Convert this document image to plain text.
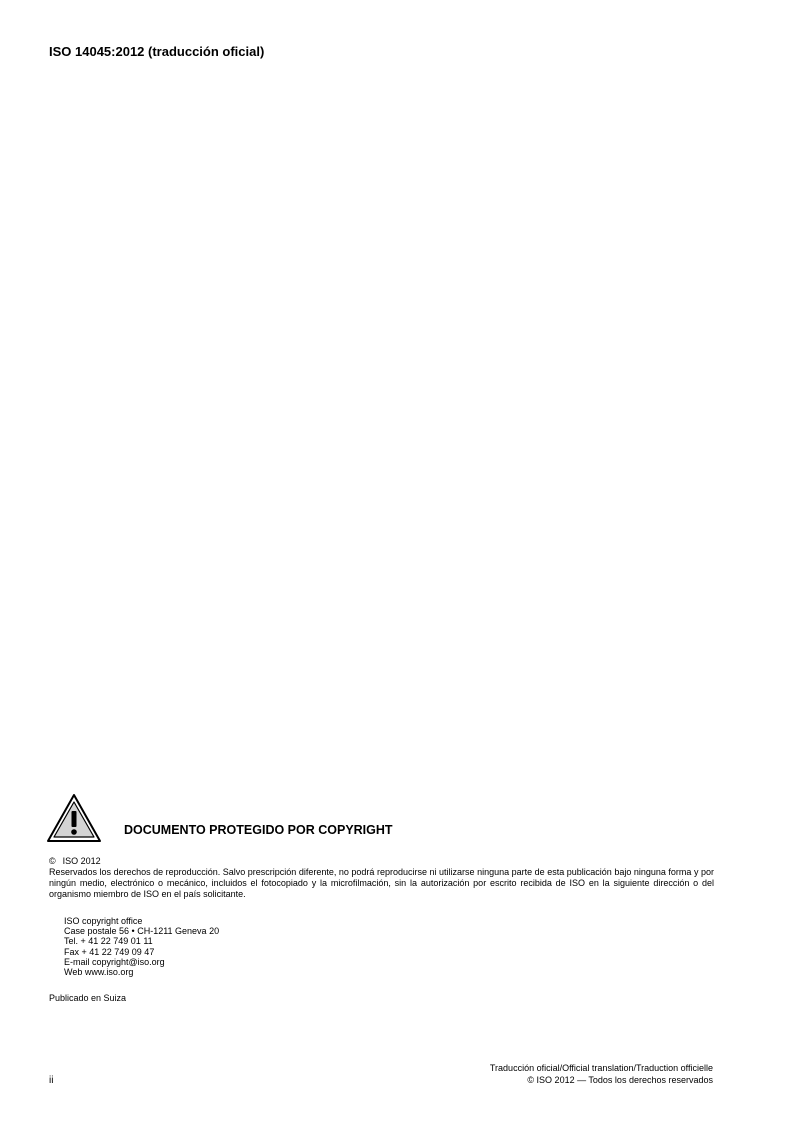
ISO 14045:2012 (traducción oficial)
DOCUMENTO PROTEGIDO POR COPYRIGHT
© ISO 2012
Reservados los derechos de reproducción. Salvo prescripción diferente, no podrá reproducirse ni utilizarse ninguna parte de esta publicación bajo ninguna forma y por ningún medio, electrónico o mecánico, incluidos el fotocopiado y la microfilmación, sin la autorización por escrito recibida de ISO en la siguiente dirección o del organismo miembro de ISO en el país solicitante.
ISO copyright office
Case postale 56 • CH-1211 Geneva 20
Tel. + 41 22 749 01 11
Fax + 41 22 749 09 47
E-mail copyright@iso.org
Web www.iso.org
Publicado en Suiza
ii
Traducción oficial/Official translation/Traduction officielle
© ISO 2012 — Todos los derechos reservados
